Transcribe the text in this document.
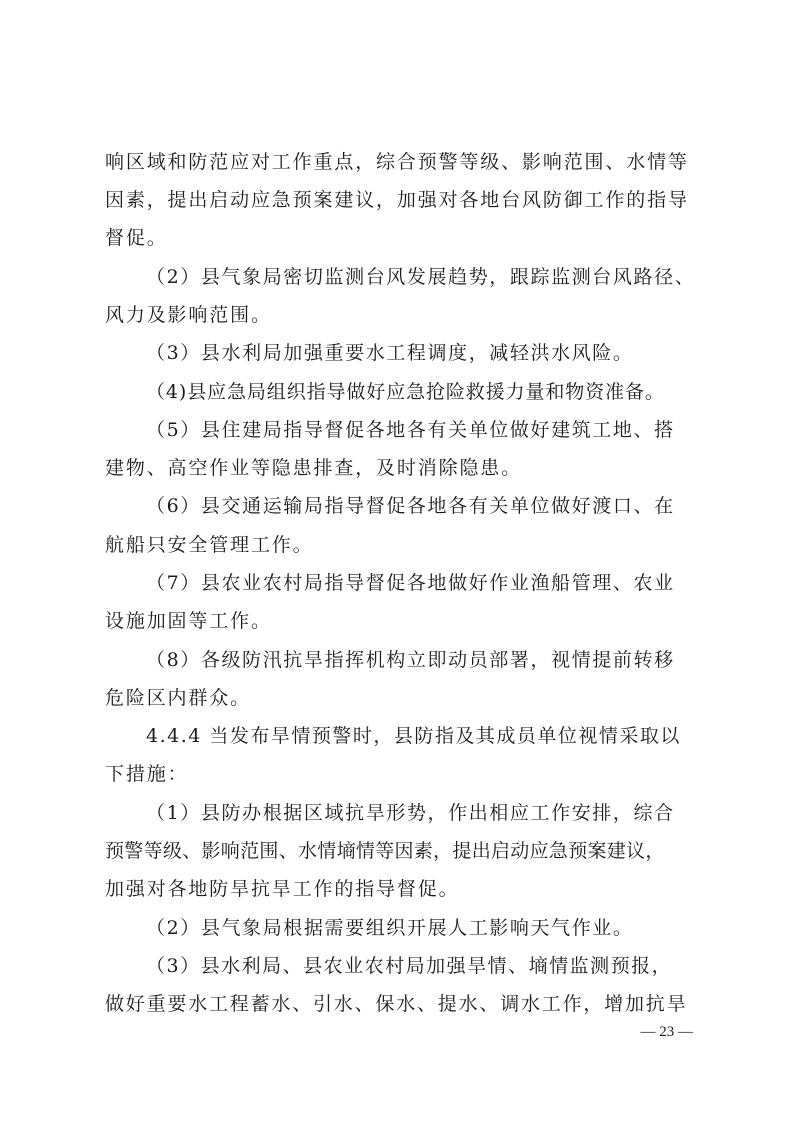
响区域和防范应对工作重点，综合预警等级、影响范围、水情等
因素，提出启动应急预案建议，加强对各地台风防御工作的指导
督促。
（2）县气象局密切监测台风发展趋势，跟踪监测台风路径、
风力及影响范围。
（3）县水利局加强重要水工程调度，减轻洪水风险。
（4)县应急局组织指导做好应急抢险救援力量和物资准备。
（5）县住建局指导督促各地各有关单位做好建筑工地、搭
建物、高空作业等隐患排查，及时消除隐患。
（6）县交通运输局指导督促各地各有关单位做好渡口、在
航船只安全管理工作。
（7）县农业农村局指导督促各地做好作业渔船管理、农业
设施加固等工作。
（8）各级防汛抗旱指挥机构立即动员部署，视情提前转移
危险区内群众。
4.4.4 当发布旱情预警时，县防指及其成员单位视情采取以
下措施：
（1）县防办根据区域抗旱形势，作出相应工作安排，综合
预警等级、影响范围、水情墒情等因素，提出启动应急预案建议，
加强对各地防旱抗旱工作的指导督促。
（2）县气象局根据需要组织开展人工影响天气作业。
（3）县水利局、县农业农村局加强旱情、墒情监测预报，
做好重要水工程蓄水、引水、保水、提水、调水工作，增加抗旱
— 23 —
